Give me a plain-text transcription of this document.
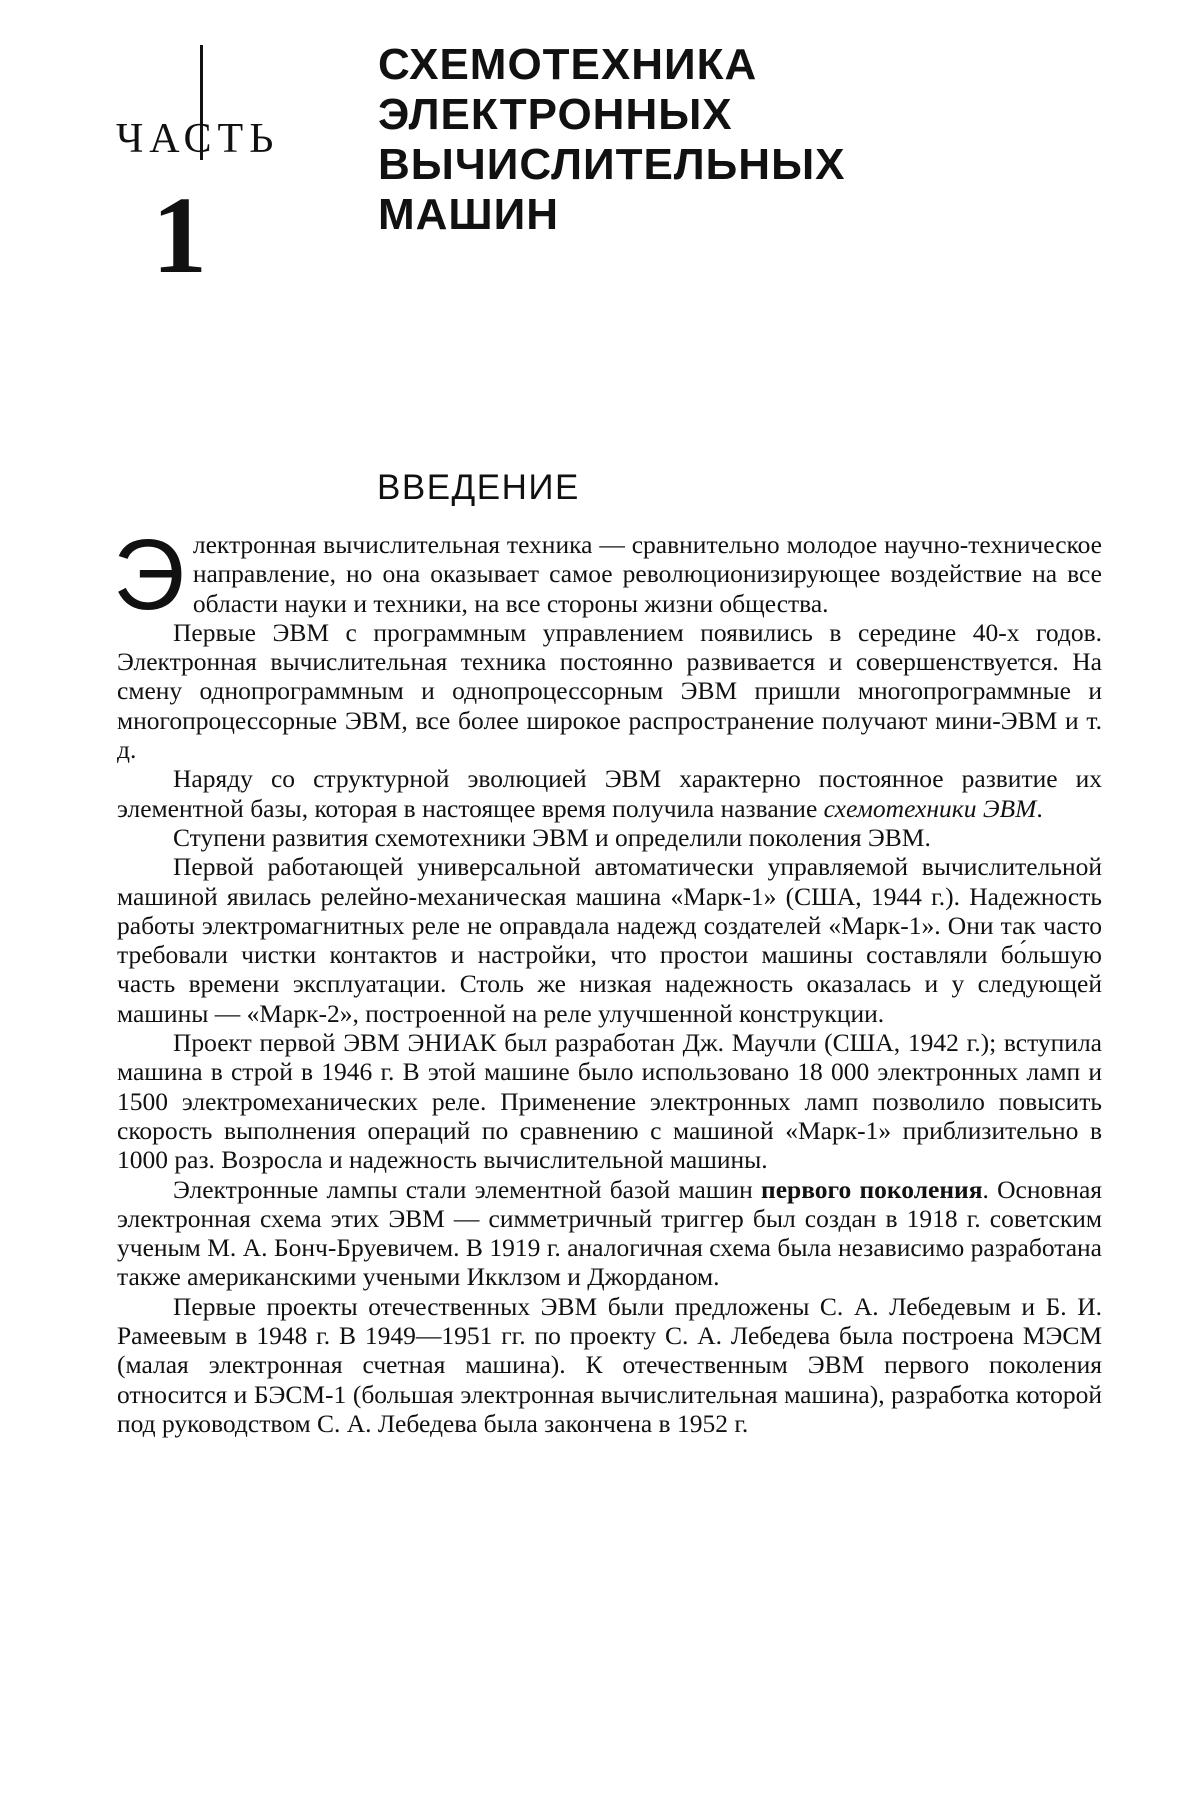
ЧАСТЬ
1
СХЕМОТЕХНИКА
ЭЛЕКТРОННЫХ
ВЫЧИСЛИТЕЛЬНЫХ
МАШИН
ВВЕДЕНИЕ

Электронная вычислительная техника — сравнительно молодое научно-техническое направление, но она оказывает самое революционизирующее воздействие на все области науки и техники, на все стороны жизни общества.

Первые ЭВМ с программным управлением появились в середине 40-х годов. Электронная вычислительная техника постоянно развивается и совершенствуется. На смену однопрограммным и однопроцессорным ЭВМ пришли многопрограммные и многопроцессорные ЭВМ, все более широкое распространение получают мини-ЭВМ и т. д.

Наряду со структурной эволюцией ЭВМ характерно постоянное развитие их элементной базы, которая в настоящее время получила название схемотехники ЭВМ.

Ступени развития схемотехники ЭВМ и определили поколения ЭВМ.

Первой работающей универсальной автоматически управляемой вычислительной машиной явилась релейно-механическая машина «Марк-1» (США, 1944 г.). Надежность работы электромагнитных реле не оправдала надежд создателей «Марк-1». Они так часто требовали чистки контактов и настройки, что простои машины составляли бо́льшую часть времени эксплуатации. Столь же низкая надежность оказалась и у следующей машины — «Марк-2», построенной на реле улучшенной конструкции.

Проект первой ЭВМ ЭНИАК был разработан Дж. Маучли (США, 1942 г.); вступила машина в строй в 1946 г. В этой машине было использовано 18 000 электронных ламп и 1500 электромеханических реле. Применение электронных ламп позволило повысить скорость выполнения операций по сравнению с машиной «Марк-1» приблизительно в 1000 раз. Возросла и надежность вычислительной машины.

Электронные лампы стали элементной базой машин первого поколения. Основная электронная схема этих ЭВМ — симметричный триггер был создан в 1918 г. советским ученым М. А. Бонч-Бруевичем. В 1919 г. аналогичная схема была независимо разработана также американскими учеными Икклзом и Джорданом.

Первые проекты отечественных ЭВМ были предложены С. А. Лебедевым и Б. И. Рамеевым в 1948 г. В 1949—1951 гг. по проекту С. А. Лебедева была построена МЭСМ (малая электронная счетная машина). К отечественным ЭВМ первого поколения относится и БЭСМ-1 (большая электронная вычислительная машина), разработка которой под руководством С. А. Лебедева была закончена в 1952 г.
